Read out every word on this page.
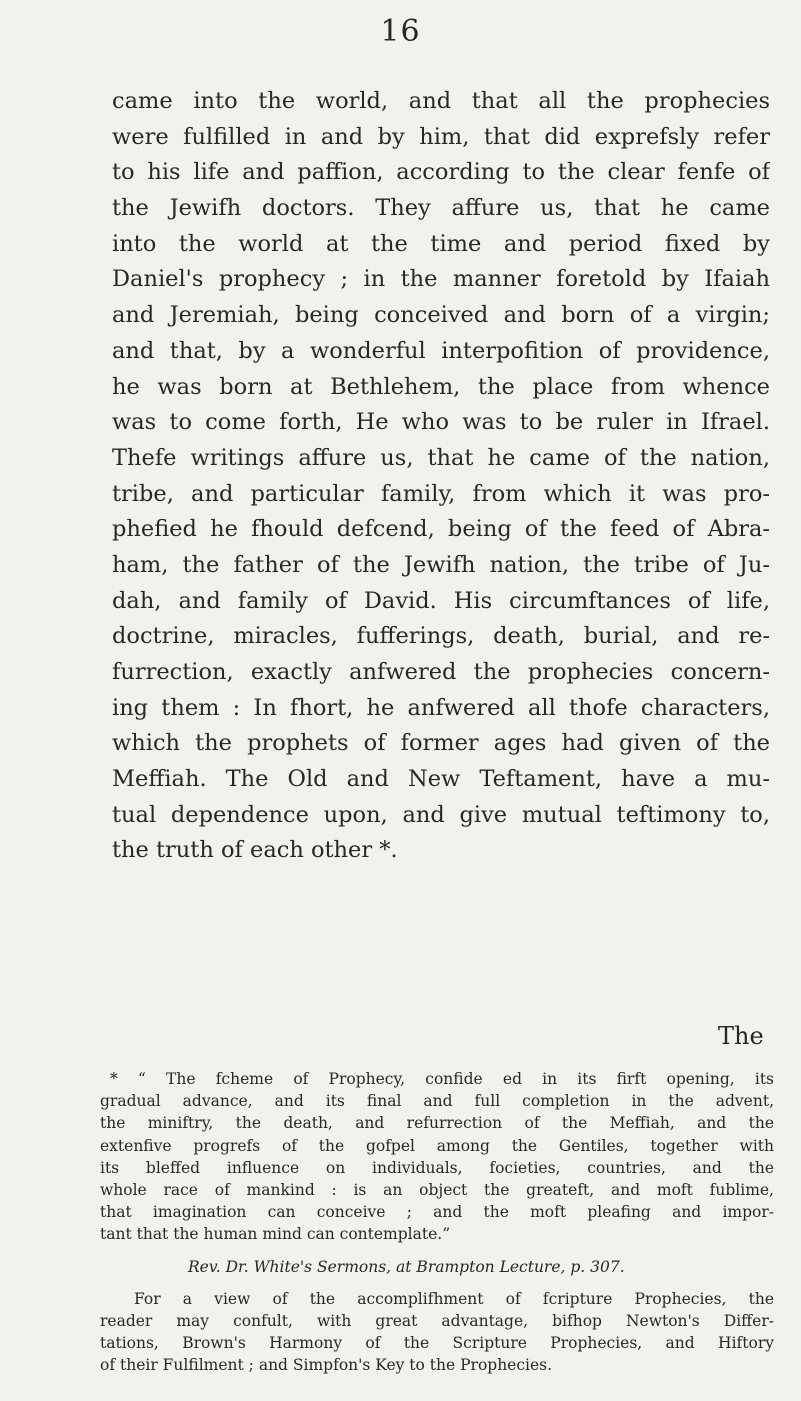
16
came into the world, and that all the prophecies
were fulfilled in and by him, that did exprefsly refer
to his life and paffion, according to the clear fenfe of
the Jewifh doctors. They affure us, that he came
into the world at the time and period fixed by
Daniel's prophecy ; in the manner foretold by Ifaiah
and Jeremiah, being conceived and born of a virgin;
and that, by a wonderful interpofition of providence,
he was born at Bethlehem, the place from whence
was to come forth, He who was to be ruler in Ifrael.
Thefe writings affure us, that he came of the nation,
tribe, and particular family, from which it was pro-
phefied he fhould defcend, being of the feed of Abra-
ham, the father of the Jewifh nation, the tribe of Ju-
dah, and family of David. His circumftances of life,
doctrine, miracles, fufferings, death, burial, and re-
furrection, exactly anfwered the prophecies concern-
ing them : In fhort, he anfwered all thofe characters,
which the prophets of former ages had given of the
Meffiah. The Old and New Teftament, have a mu-
tual dependence upon, and give mutual teftimony to,
the truth of each other *.
The
* “ The fcheme of Prophecy, confide ed in its firft opening, its
gradual advance, and its final and full completion in the advent,
the miniftry, the death, and refurrection of the Meffiah, and the
extenfive progrefs of the gofpel among the Gentiles, together with
its bleffed influence on individuals, focieties, countries, and the
whole race of mankind : is an object the greateft, and moft fublime,
that imagination can conceive ; and the moft pleafing and impor-
tant that the human mind can contemplate.”
Rev. Dr. White's Sermons, at Brampton Lecture, p. 307.
For a view of the accomplifhment of fcripture Prophecies, the
reader may confult, with great advantage, bifhop Newton's Differ-
tations, Brown's Harmony of the Scripture Prophecies, and Hiftory
of their Fulfilment ; and Simpfon's Key to the Prophecies.
